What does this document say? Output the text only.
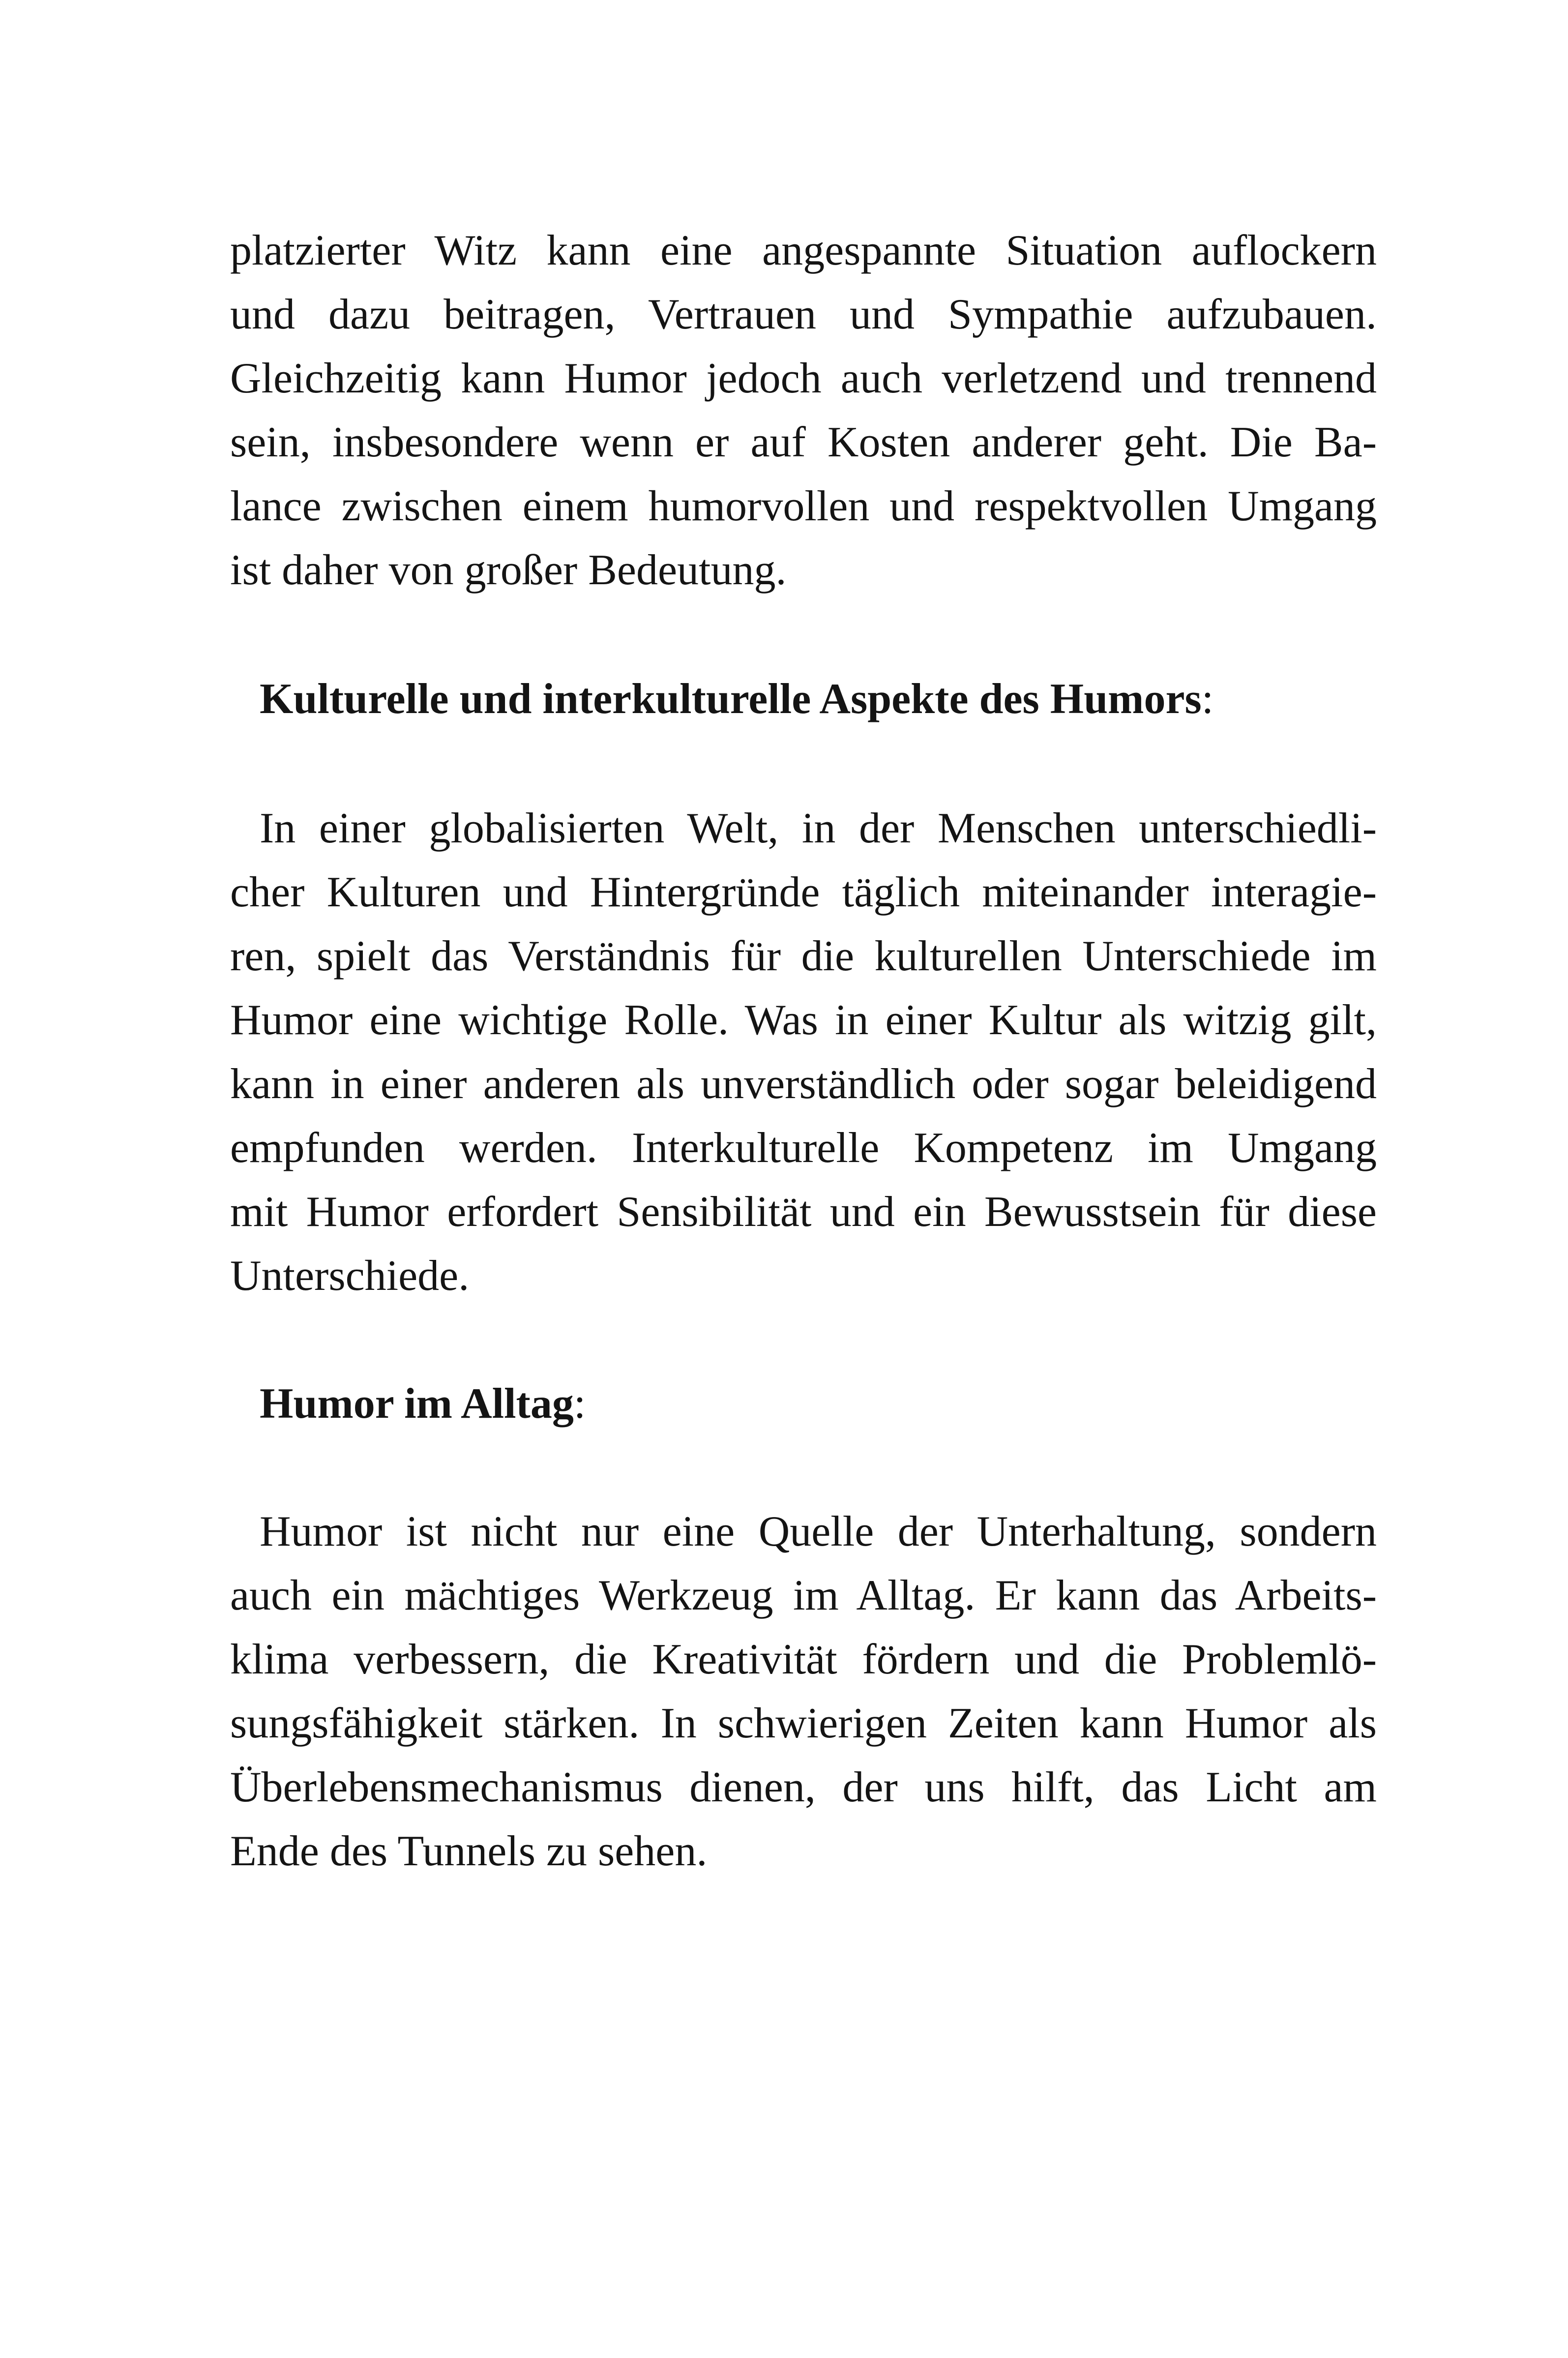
platzierter Witz kann eine angespannte Situation auflockern
und dazu beitragen, Vertrauen und Sympathie aufzubauen.
Gleichzeitig kann Humor jedoch auch verletzend und trennend
sein, insbesondere wenn er auf Kosten anderer geht. Die Ba-
lance zwischen einem humorvollen und respektvollen Umgang
ist daher von großer Bedeutung.

Kulturelle und interkulturelle Aspekte des Humors:

In einer globalisierten Welt, in der Menschen unterschiedli-
cher Kulturen und Hintergründe täglich miteinander interagie-
ren, spielt das Verständnis für die kulturellen Unterschiede im
Humor eine wichtige Rolle. Was in einer Kultur als witzig gilt,
kann in einer anderen als unverständlich oder sogar beleidigend
empfunden werden. Interkulturelle Kompetenz im Umgang
mit Humor erfordert Sensibilität und ein Bewusstsein für diese
Unterschiede.

Humor im Alltag:

Humor ist nicht nur eine Quelle der Unterhaltung, sondern
auch ein mächtiges Werkzeug im Alltag. Er kann das Arbeits-
klima verbessern, die Kreativität fördern und die Problemlö-
sungsfähigkeit stärken. In schwierigen Zeiten kann Humor als
Überlebensmechanismus dienen, der uns hilft, das Licht am
Ende des Tunnels zu sehen.
